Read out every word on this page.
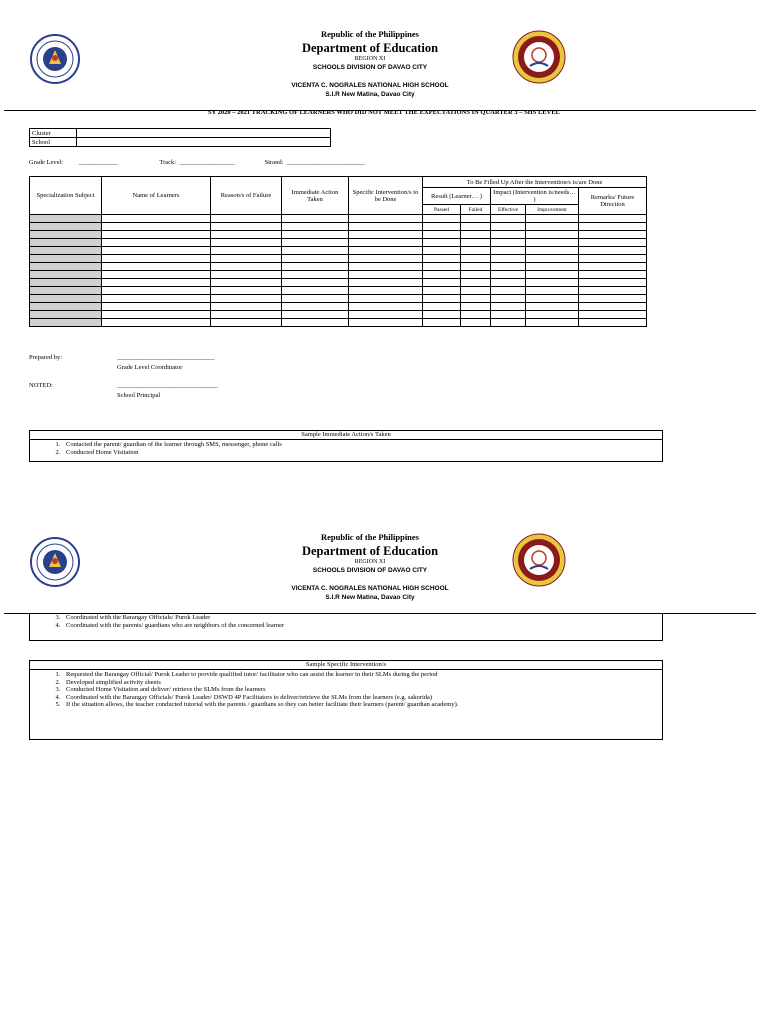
Republic of the Philippines
Department of Education
REGION XI
SCHOOLS DIVISION OF DAVAO CITY
VICENTA C. NOGRALES NATIONAL HIGH SCHOOL
S.I.R New Matina, Davao City
SY 2020 – 2021 TRACKING OF LEARNERS WHO DID NOT MEET THE EXPECTATIONS IN QUARTER 3 – SHS LEVEL
Cluster	
School	
Grade Level: ____________	Track: _________________	Strand: ________________________
Specialization Subject	Name of Learners	Reason/s of Failure	Immediate Action Taken	Specific Intervention/s to be Done	To Be Filled Up After the Intervention/s is/are Done				
					Result (Learner… )		Impact (Intervention is/needs… )		Remarks/ Future Direction
					Passed	Failed	Effective	Improvement	

Prepared by:	______________________________
Grade Level Coordinator
NOTED:	_______________________________
School Principal
Sample Immediate Action/s Taken
1. Contacted the parent/ guardian of the learner through SMS, messenger, phone calls
2. Conducted Home Visitation
Republic of the Philippines
Department of Education
REGION XI
SCHOOLS DIVISION OF DAVAO CITY
VICENTA C. NOGRALES NATIONAL HIGH SCHOOL
S.I.R New Matina, Davao City
3. Coordinated with the Barangay Officials/ Purok Leader
4. Coordinated with the parents/ guardians who are neighbors of the concerned learner
Sample Specific Intervention/s
1. Requested the Barangay Official/ Purok Leader to provide qualified tutor/ facilitator who can assist the learner in their SLMs during the period
2. Developed simplified activity sheets
3. Conducted Home Visitation and deliver/ retrieve the SLMs from the learners
4. Coordinated with the Barangay Officials/ Purok Leader/ DSWD 4P Facilitators to deliver/retrieve the SLMs from the learners (e.g. sakorida)
5. If the situation allows, the teacher conducted tutorial with the parents / guardians so they can better facilitate their learners (parent/ guardian academy).
